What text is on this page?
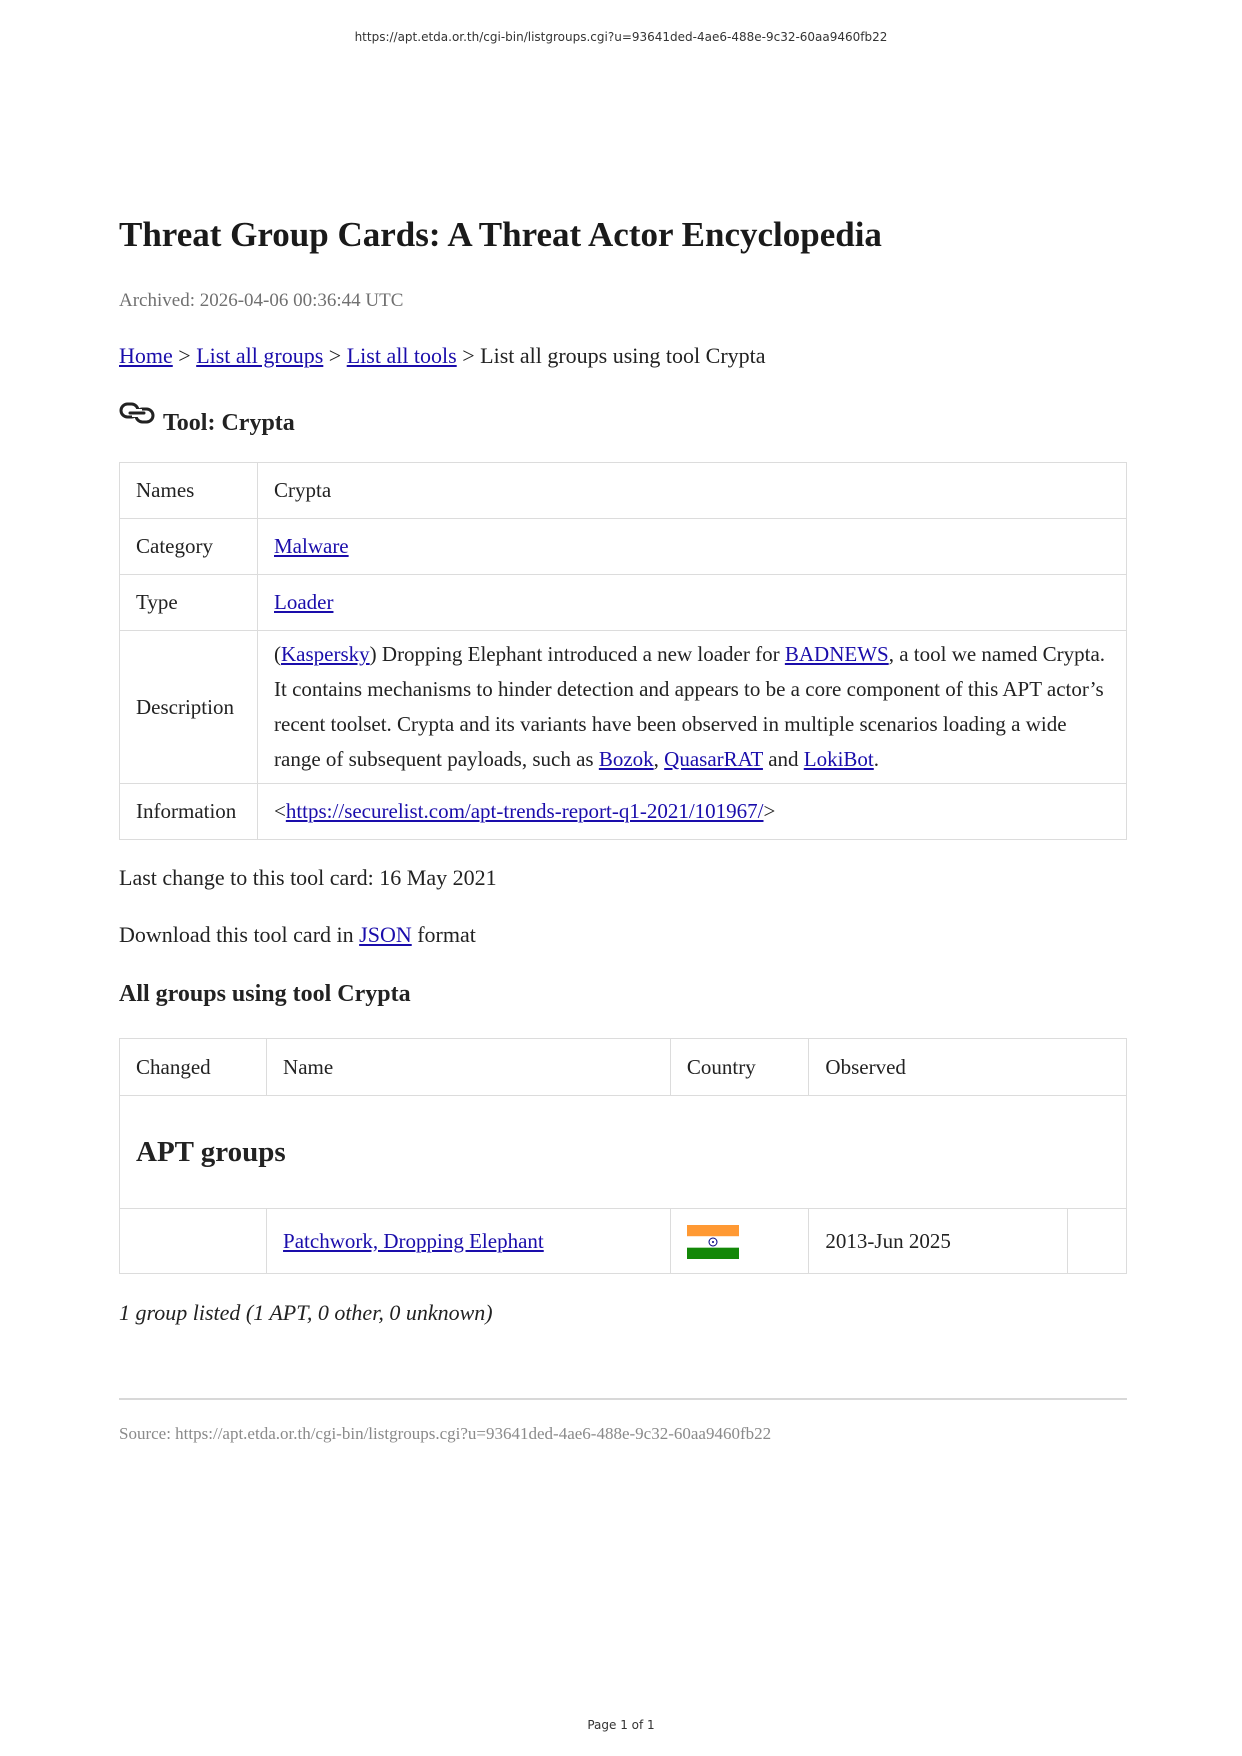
https://apt.etda.or.th/cgi-bin/listgroups.cgi?u=93641ded-4ae6-488e-9c32-60aa9460fb22
Threat Group Cards: A Threat Actor Encyclopedia
Archived: 2026-04-06 00:36:44 UTC
Home > List all groups > List all tools > List all groups using tool Crypta
Tool: Crypta
Names	Crypta
Category	Malware
Type	Loader
Description	(Kaspersky) Dropping Elephant introduced a new loader for BADNEWS, a tool we named Crypta. It contains mechanisms to hinder detection and appears to be a core component of this APT actor’s recent toolset. Crypta and its variants have been observed in multiple scenarios loading a wide range of subsequent payloads, such as Bozok, QuasarRAT and LokiBot.
Information	<https://securelist.com/apt-trends-report-q1-2021/101967/>
Last change to this tool card: 16 May 2021
Download this tool card in JSON format
All groups using tool Crypta
Changed	Name	Country	Observed	
APT groups				
	Patchwork, Dropping Elephant		2013-Jun 2025	
1 group listed (1 APT, 0 other, 0 unknown)
Source: https://apt.etda.or.th/cgi-bin/listgroups.cgi?u=93641ded-4ae6-488e-9c32-60aa9460fb22
Page 1 of 1
